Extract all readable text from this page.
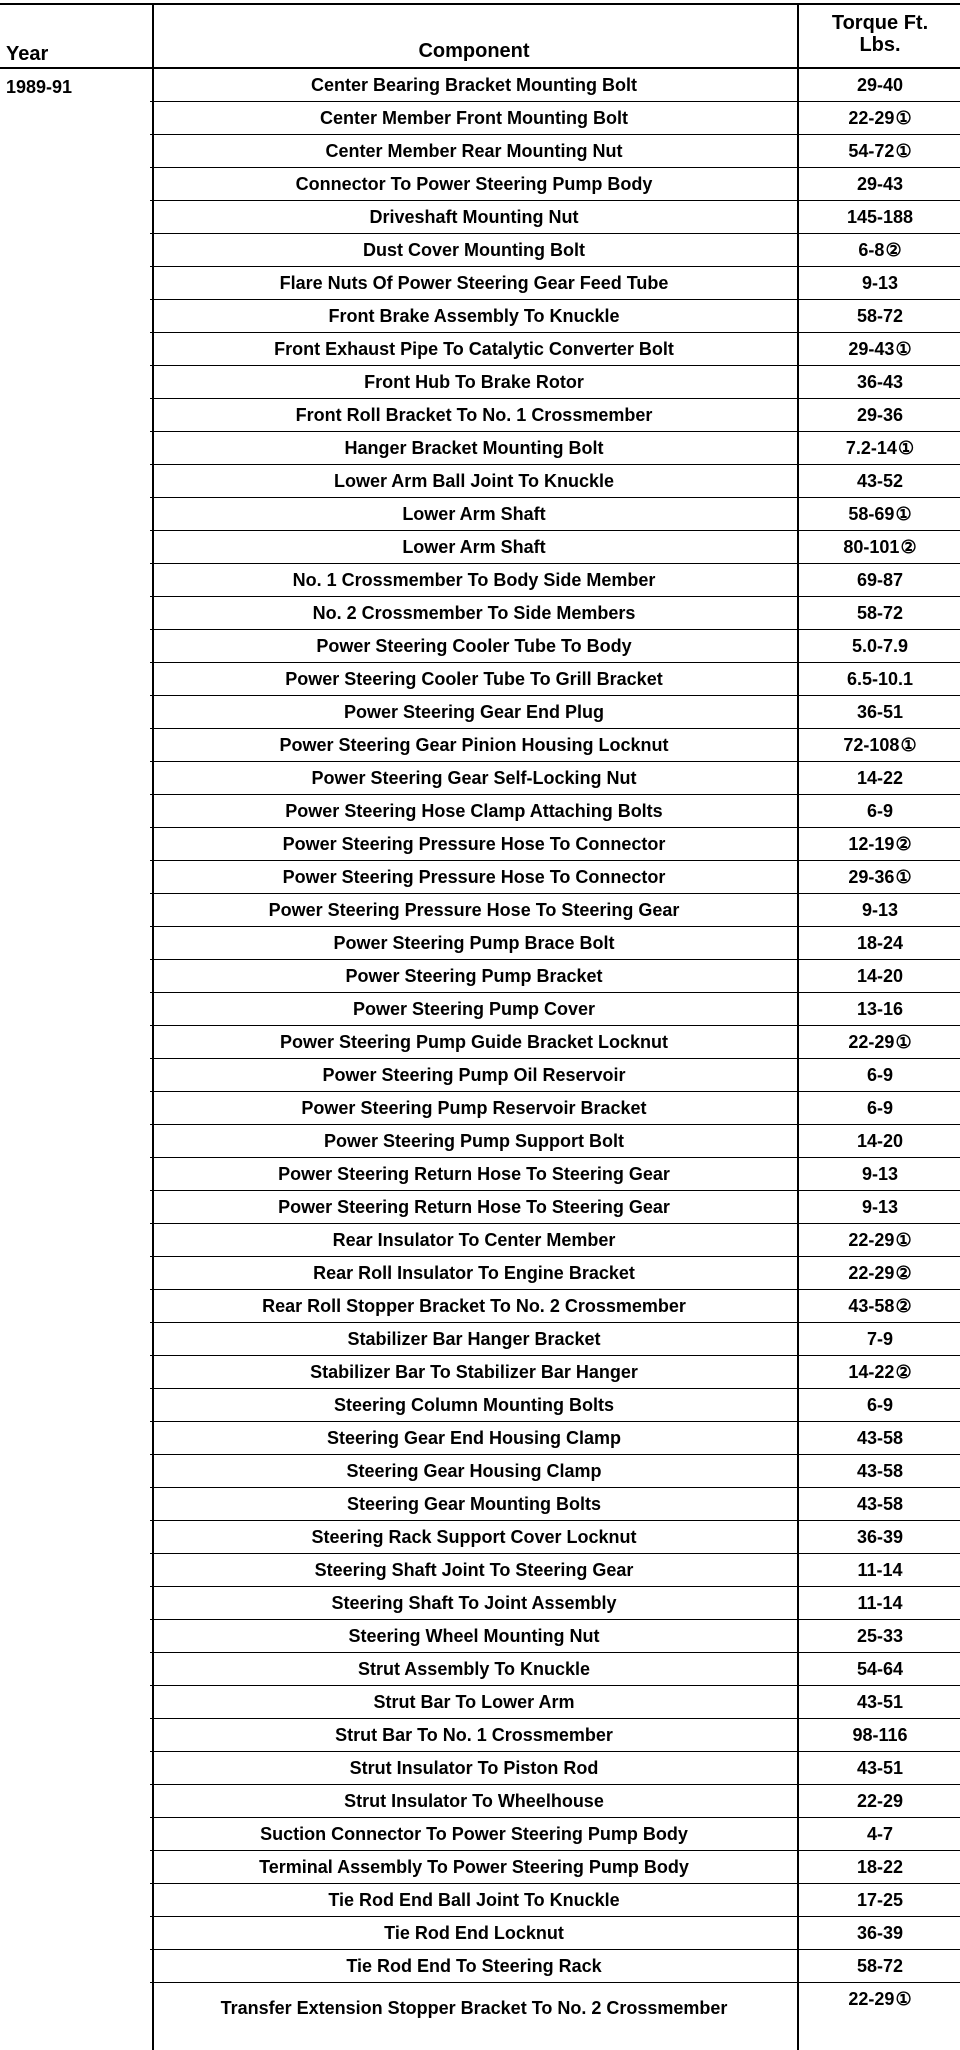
Year	Component
Torque Ft.
Lbs.
1989-91	Center Bearing Bracket Mounting Bolt	29-40
Center Member Front Mounting Bolt	22-29 ①
Center Member Rear Mounting Nut	54-72 ①
Connector To Power Steering Pump Body	29-43
Driveshaft Mounting Nut	145-188
Dust Cover Mounting Bolt	6-8 ②
Flare Nuts Of Power Steering Gear Feed Tube	9-13
Front Brake Assembly To Knuckle	58-72
Front Exhaust Pipe To Catalytic Converter Bolt	29-43 ①
Front Hub To Brake Rotor	36-43
Front Roll Bracket To No. 1 Crossmember	29-36
Hanger Bracket Mounting Bolt	7.2-14 ①
Lower Arm Ball Joint To Knuckle	43-52
Lower Arm Shaft	58-69 ①
Lower Arm Shaft	80-101 ②
No. 1 Crossmember To Body Side Member	69-87
No. 2 Crossmember To Side Members	58-72
Power Steering Cooler Tube To Body	5.0-7.9
Power Steering Cooler Tube To Grill Bracket	6.5-10.1
Power Steering Gear End Plug	36-51
Power Steering Gear Pinion Housing Locknut	72-108 ①
Power Steering Gear Self-Locking Nut	14-22
Power Steering Hose Clamp Attaching Bolts	6-9
Power Steering Pressure Hose To Connector	12-19 ②
Power Steering Pressure Hose To Connector	29-36 ①
Power Steering Pressure Hose To Steering Gear	9-13
Power Steering Pump Brace Bolt	18-24
Power Steering Pump Bracket	14-20
Power Steering Pump Cover	13-16
Power Steering Pump Guide Bracket Locknut	22-29 ①
Power Steering Pump Oil Reservoir	6-9
Power Steering Pump Reservoir Bracket	6-9
Power Steering Pump Support Bolt	14-20
Power Steering Return Hose To Steering Gear	9-13
Power Steering Return Hose To Steering Gear	9-13
Rear Insulator To Center Member	22-29 ①
Rear Roll Insulator To Engine Bracket	22-29 ②
Rear Roll Stopper Bracket To No. 2 Crossmember	43-58 ②
Stabilizer Bar Hanger Bracket	7-9
Stabilizer Bar To Stabilizer Bar Hanger	14-22 ②
Steering Column Mounting Bolts	6-9
Steering Gear End Housing Clamp	43-58
Steering Gear Housing Clamp	43-58
Steering Gear Mounting Bolts	43-58
Steering Rack Support Cover Locknut	36-39
Steering Shaft Joint To Steering Gear	11-14
Steering Shaft To Joint Assembly	11-14
Steering Wheel Mounting Nut	25-33
Strut Assembly To Knuckle	54-64
Strut Bar To Lower Arm	43-51
Strut Bar To No. 1 Crossmember	98-116
Strut Insulator To Piston Rod	43-51
Strut Insulator To Wheelhouse	22-29
Suction Connector To Power Steering Pump Body	4-7
Terminal Assembly To Power Steering Pump Body	18-22
Tie Rod End Ball Joint To Knuckle	17-25
Tie Rod End Locknut	36-39
Tie Rod End To Steering Rack	58-72
Transfer Extension Stopper Bracket To No. 2 Crossmember	22-29 ①
